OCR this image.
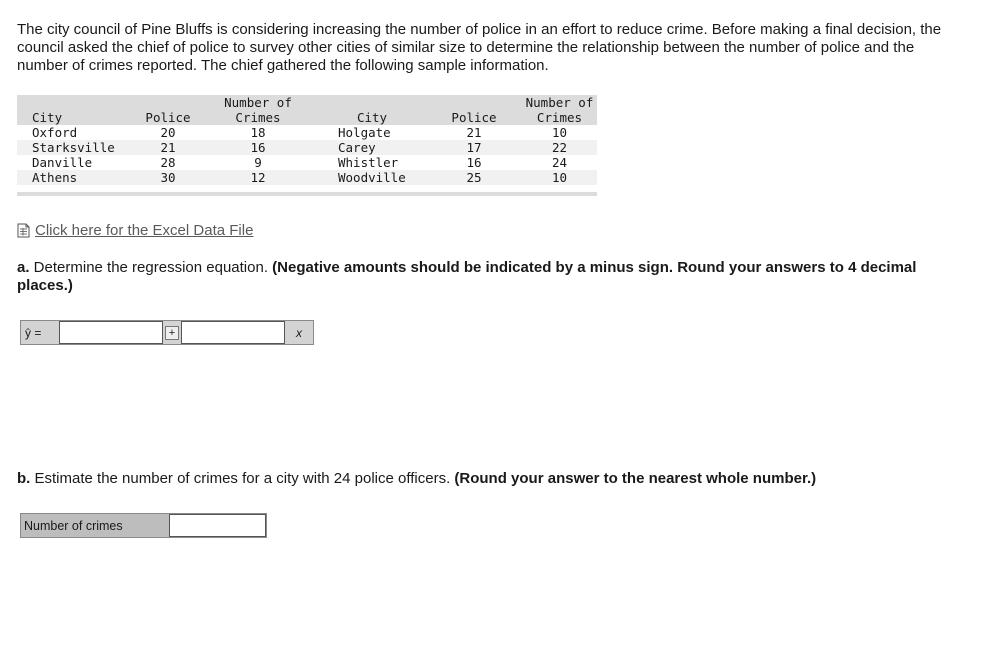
The city council of Pine Bluffs is considering increasing the number of police in an effort to reduce crime. Before making a final decision, the council asked the chief of police to survey other cities of similar size to determine the relationship between the number of police and the number of crimes reported. The chief gathered the following sample information.

		Number of			Number of
City	Police	Crimes	City	Police	Crimes
Oxford	20	18	Holgate	21	10
Starksville	21	16	Carey	17	22
Danville	28	9	Whistler	16	24
Athens	30	12	Woodville	25	10
Click here for the Excel Data File

a. Determine the regression equation. (Negative amounts should be indicated by a minus sign. Round your answers to 4 decimal places.)

ŷ =	+	x

b. Estimate the number of crimes for a city with 24 police officers. (Round your answer to the nearest whole number.)

Number of crimes
